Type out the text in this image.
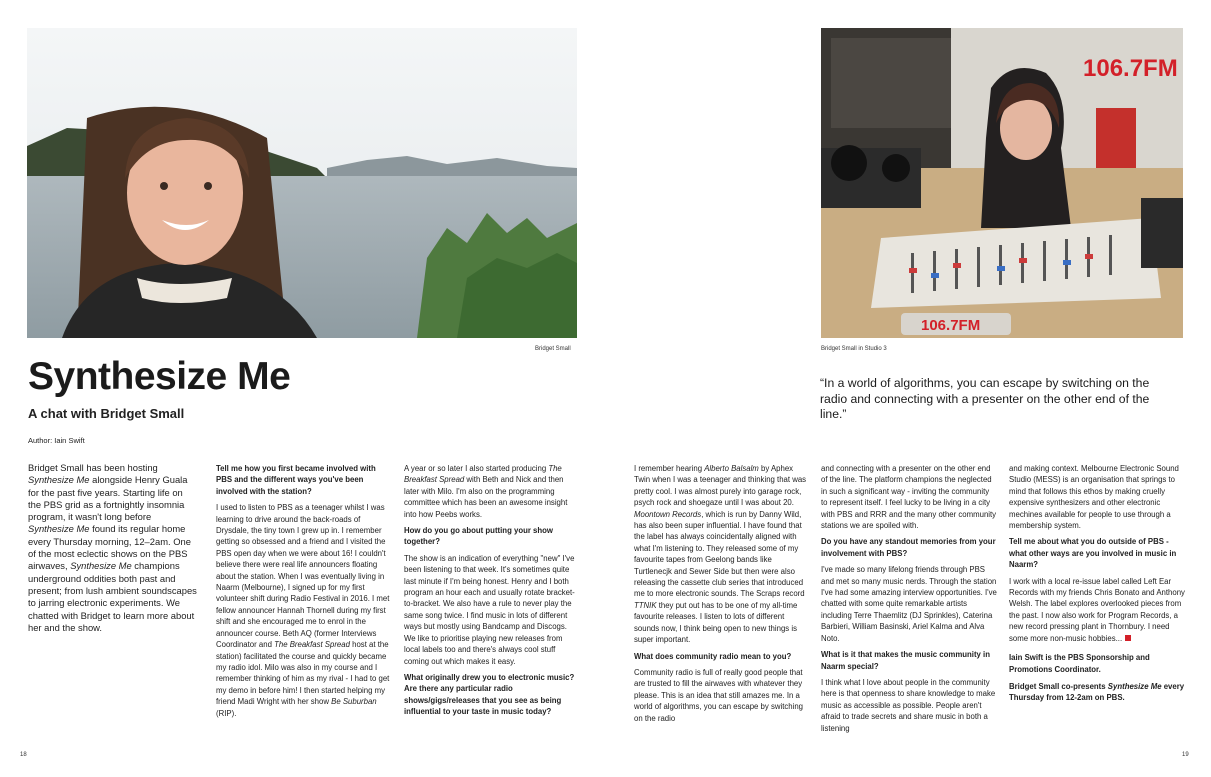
Bridget Small
Synthesize Me
A chat with Bridget Small
Author: Iain Swift
Bridget Small has been hosting Synthesize Me alongside Henry Guala for the past five years. Starting life on the PBS grid as a fortnightly insomnia program, it wasn't long before Synthesize Me found its regular home every Thursday morning, 12–2am. One of the most eclectic shows on the PBS airwaves, Synthesize Me champions underground oddities both past and present; from lush ambient soundscapes to jarring electronic experiments. We chatted with Bridget to learn more about her and the show.

Tell me how you first became involved with PBS and the different ways you've been involved with the station?

I used to listen to PBS as a teenager whilst I was learning to drive around the back-roads of Drysdale, the tiny town I grew up in. I remember getting so obsessed and a friend and I visited the PBS open day when we were about 16! I couldn't believe there were real life announcers floating about the station. When I was eventually living in Naarm (Melbourne), I signed up for my first volunteer shift during Radio Festival in 2016. I met fellow announcer Hannah Thornell during my first shift and she encouraged me to enrol in the announcer course. Beth AQ (former Interviews Coordinator and The Breakfast Spread host at the station) facilitated the course and quickly became my radio idol. Milo was also in my course and I remember thinking of him as my rival - I had to get my demo in before him! I then started helping my friend Madi Wright with her show Be Suburban (RIP).

A year or so later I also started producing The Breakfast Spread with Beth and Nick and then later with Milo. I'm also on the programming committee which has been an awesome insight into how Peebs works.

How do you go about putting your show together?

The show is an indication of everything "new" I've been listening to that week. It's sometimes quite last minute if I'm being honest. Henry and I both program an hour each and usually rotate bracket-to-bracket. We also have a rule to never play the same song twice. I find music in lots of different ways but mostly using Bandcamp and Discogs. We like to prioritise playing new releases from local labels too and there's always cool stuff coming out which makes it easy.

What originally drew you to electronic music? Are there any particular radio shows/gigs/releases that you see as being influential to your taste in music today?

18
106.7FM
106.7FM
Bridget Small in Studio 3
“In a world of algorithms, you can escape by switching on the radio and connecting with a presenter on the other end of the line.”

I remember hearing Alberto Balsalm by Aphex Twin when I was a teenager and thinking that was pretty cool. I was almost purely into garage rock, psych rock and shoegaze until I was about 20. Moontown Records, which is run by Danny Wild, has also been super influential. I have found that the label has always coincidentally aligned with what I'm listening to. They released some of my favourite tapes from Geelong bands like Turtlenecjk and Sewer Side but then were also releasing the cassette club series that introduced me to more electronic sounds. The Scraps record TTNIK they put out has to be one of my all-time favourite releases. I listen to lots of different sounds now, I think being open to new things is super important.

What does community radio mean to you?

Community radio is full of really good people that are trusted to fill the airwaves with whatever they please. This is an idea that still amazes me. In a world of algorithms, you can escape by switching on the radio

and connecting with a presenter on the other end of the line. The platform champions the neglected in such a significant way - inviting the community to represent itself. I feel lucky to be living in a city with PBS and RRR and the many other community stations we are spoiled with.

Do you have any standout memories from your involvement with PBS?

I've made so many lifelong friends through PBS and met so many music nerds. Through the station I've had some amazing interview opportunities. I've chatted with some quite remarkable artists including Terre Thaemlitz (DJ Sprinkles), Caterina Barbieri, William Basinski, Ariel Kalma and Alva Noto.

What is it that makes the music community in Naarm special?

I think what I love about people in the community here is that openness to share knowledge to make music as accessible as possible. People aren't afraid to trade secrets and share music in both a listening

and making context. Melbourne Electronic Sound Studio (MESS) is an organisation that springs to mind that follows this ethos by making cruelly expensive synthesizers and other electronic mechines available for people to use through a membership system.

Tell me about what you do outside of PBS - what other ways are you involved in music in Naarm?

I work with a local re-issue label called Left Ear Records with my friends Chris Bonato and Anthony Welsh. The label explores overlooked pieces from the past. I now also work for Program Records, a new record pressing plant in Thornbury. I need some more non-music hobbies...

Iain Swift is the PBS Sponsorship and Promotions Coordinator.

Bridget Small co-presents Synthesize Me every Thursday from 12-2am on PBS.

19
